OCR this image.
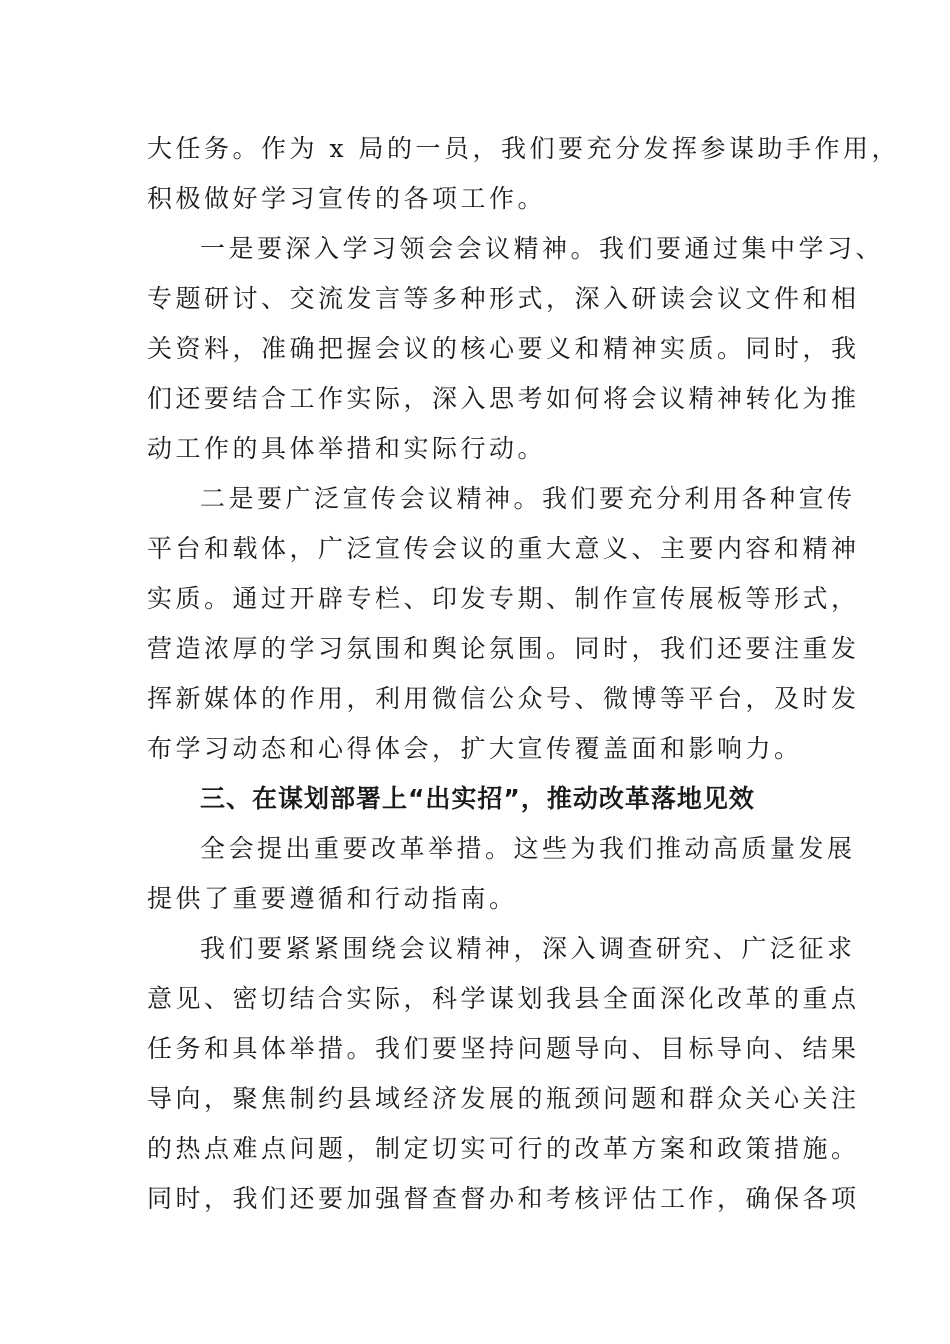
大任务。作为 x 局的一员，我们要充分发挥参谋助手作用，
积极做好学习宣传的各项工作。
一是要深入学习领会会议精神。我们要通过集中学习、
专题研讨、交流发言等多种形式，深入研读会议文件和相
关资料，准确把握会议的核心要义和精神实质。同时，我
们还要结合工作实际，深入思考如何将会议精神转化为推
动工作的具体举措和实际行动。
二是要广泛宣传会议精神。我们要充分利用各种宣传
平台和载体，广泛宣传会议的重大意义、主要内容和精神
实质。通过开辟专栏、印发专期、制作宣传展板等形式，
营造浓厚的学习氛围和舆论氛围。同时，我们还要注重发
挥新媒体的作用，利用微信公众号、微博等平台，及时发
布学习动态和心得体会，扩大宣传覆盖面和影响力。
三、在谋划部署上“出实招”，推动改革落地见效
全会提出重要改革举措。这些为我们推动高质量发展
提供了重要遵循和行动指南。
我们要紧紧围绕会议精神，深入调查研究、广泛征求
意见、密切结合实际，科学谋划我县全面深化改革的重点
任务和具体举措。我们要坚持问题导向、目标导向、结果
导向，聚焦制约县域经济发展的瓶颈问题和群众关心关注
的热点难点问题，制定切实可行的改革方案和政策措施。
同时，我们还要加强督查督办和考核评估工作，确保各项
